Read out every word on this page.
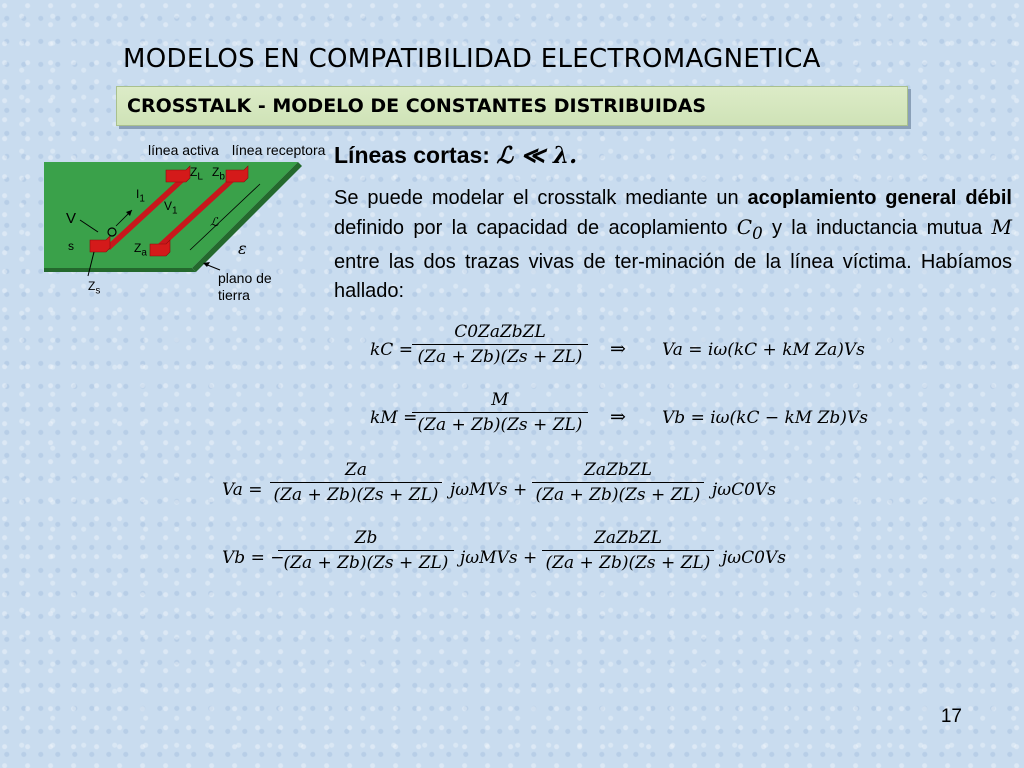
MODELOS EN COMPATIBILIDAD ELECTROMAGNETICA
CROSSTALK - MODELO DE CONSTANTES DISTRIBUIDAS
línea activa línea receptora
plano de tierra
V
s
$Z_s$
$Z_a$
$Z_L$ $Z_b$
$I_1$
$V_1$
ℒ
ε
Líneas cortas: ℒ ≪ λ.
Se puede modelar el crosstalk mediante un acoplamiento general débil definido por la capacidad de acoplamiento $C_0$ y la inductancia mutua M entre las dos trazas vivas de ter-minación de la línea víctima. Habíamos hallado:
kC =
C0ZaZbZL
(Za + Zb)(Zs + ZL) ⇒ Va = iω(kC + kM Za)Vs
kM =
M
(Za + Zb)(Zs + ZL) ⇒ Vb = iω(kC − kM Zb)Vs
Va =
Za
(Za + Zb)(Zs + ZL) jωMVs +
ZaZbZL
(Za + Zb)(Zs + ZL) jωC0Vs
Vb = −
Zb
(Za + Zb)(Zs + ZL) jωMVs +
ZaZbZL
(Za + Zb)(Zs + ZL) jωC0Vs
17
